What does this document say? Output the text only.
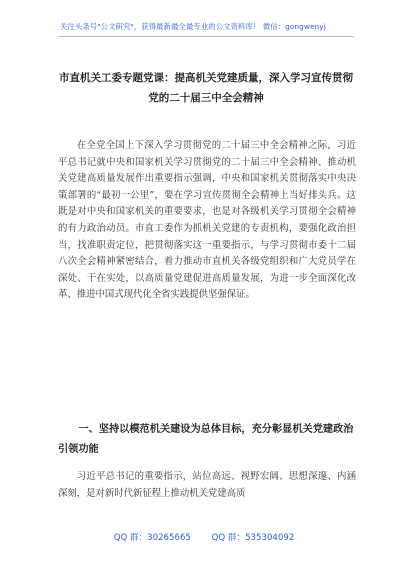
关注头条号"公文研究"，获得最新最全最专业的公文资料库！ 微信：gongwenyj
市直机关工委专题党课：提高机关党建质量，深入学习宣传贯彻党的二十届三中全会精神
在全党全国上下深入学习贯彻党的二十届三中全会精神之际，习近平总书记就中央和国家机关学习贯彻党的二十届三中全会精神、推动机关党建高质量发展作出重要指示强调，中央和国家机关贯彻落实中央决策部署的“最初一公里”，要在学习宣传贯彻全会精神上当好排头兵。这既是对中央和国家机关的重要要求，也是对各级机关学习贯彻全会精神的有力政治动员。市直工委作为抓机关党建的专责机构，要强化政治担当，找准职责定位，把贯彻落实这一重要指示，与学习贯彻市委十二届八次全会精神紧密结合，着力推动市直机关各级党组织和广大党员学在深处、干在实处，以高质量党建促进高质量发展，为进一步全面深化改革、推进中国式现代化全省实践提供坚强保证。
一、坚持以模范机关建设为总体目标，充分彰显机关党建政治引领功能
习近平总书记的重要指示，站位高远、视野宏阔、思想深邃、内涵深刻，是对新时代新征程上推动机关党建高质
QQ 群：30265665 QQ 群：535304092
